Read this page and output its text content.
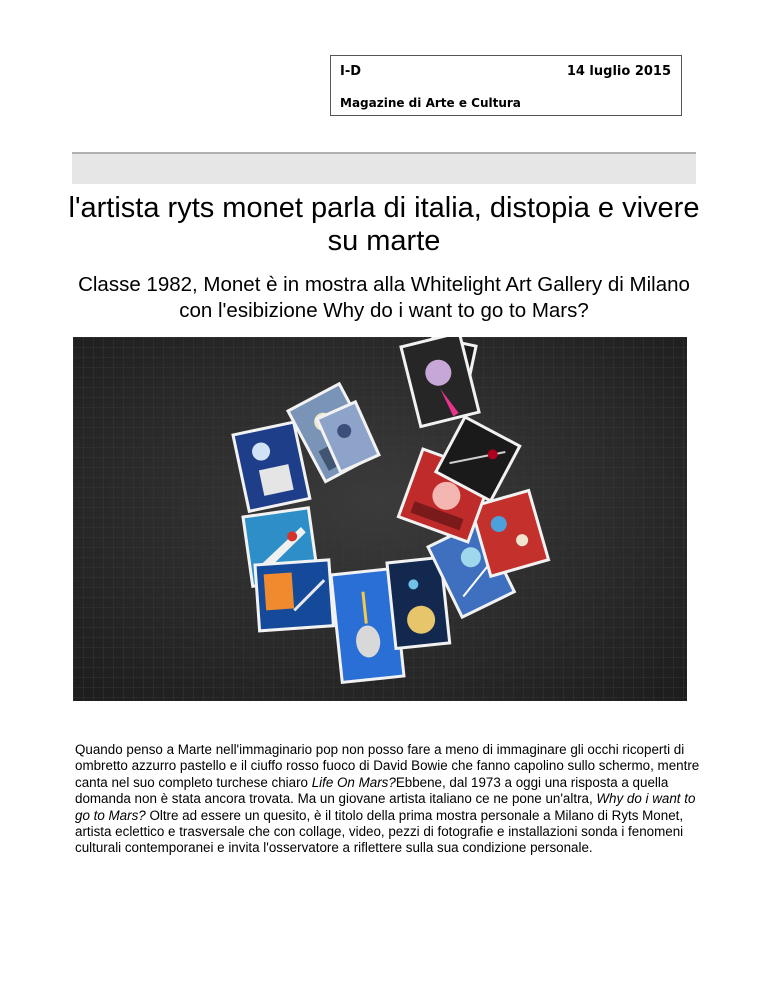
I-D	14 luglio 2015
Magazine di Arte e Cultura
l'artista ryts monet parla di italia, distopia e vivere su marte
Classe 1982, Monet è in mostra alla Whitelight Art Gallery di Milano con l'esibizione Why do i want to go to Mars?

Quando penso a Marte nell'immaginario pop non posso fare a meno di immaginare gli occhi ricoperti di ombretto azzurro pastello e il ciuffo rosso fuoco di David Bowie che fanno capolino sullo schermo, mentre canta nel suo completo turchese chiaro Life On Mars?Ebbene, dal 1973 a oggi una risposta a quella domanda non è stata ancora trovata. Ma un giovane artista italiano ce ne pone un'altra, Why do i want to go to Mars? Oltre ad essere un quesito, è il titolo della prima mostra personale a Milano di Ryts Monet, artista eclettico e trasversale che con collage, video, pezzi di fotografie e installazioni sonda i fenomeni culturali contemporanei e invita l'osservatore a riflettere sulla sua condizione personale.
